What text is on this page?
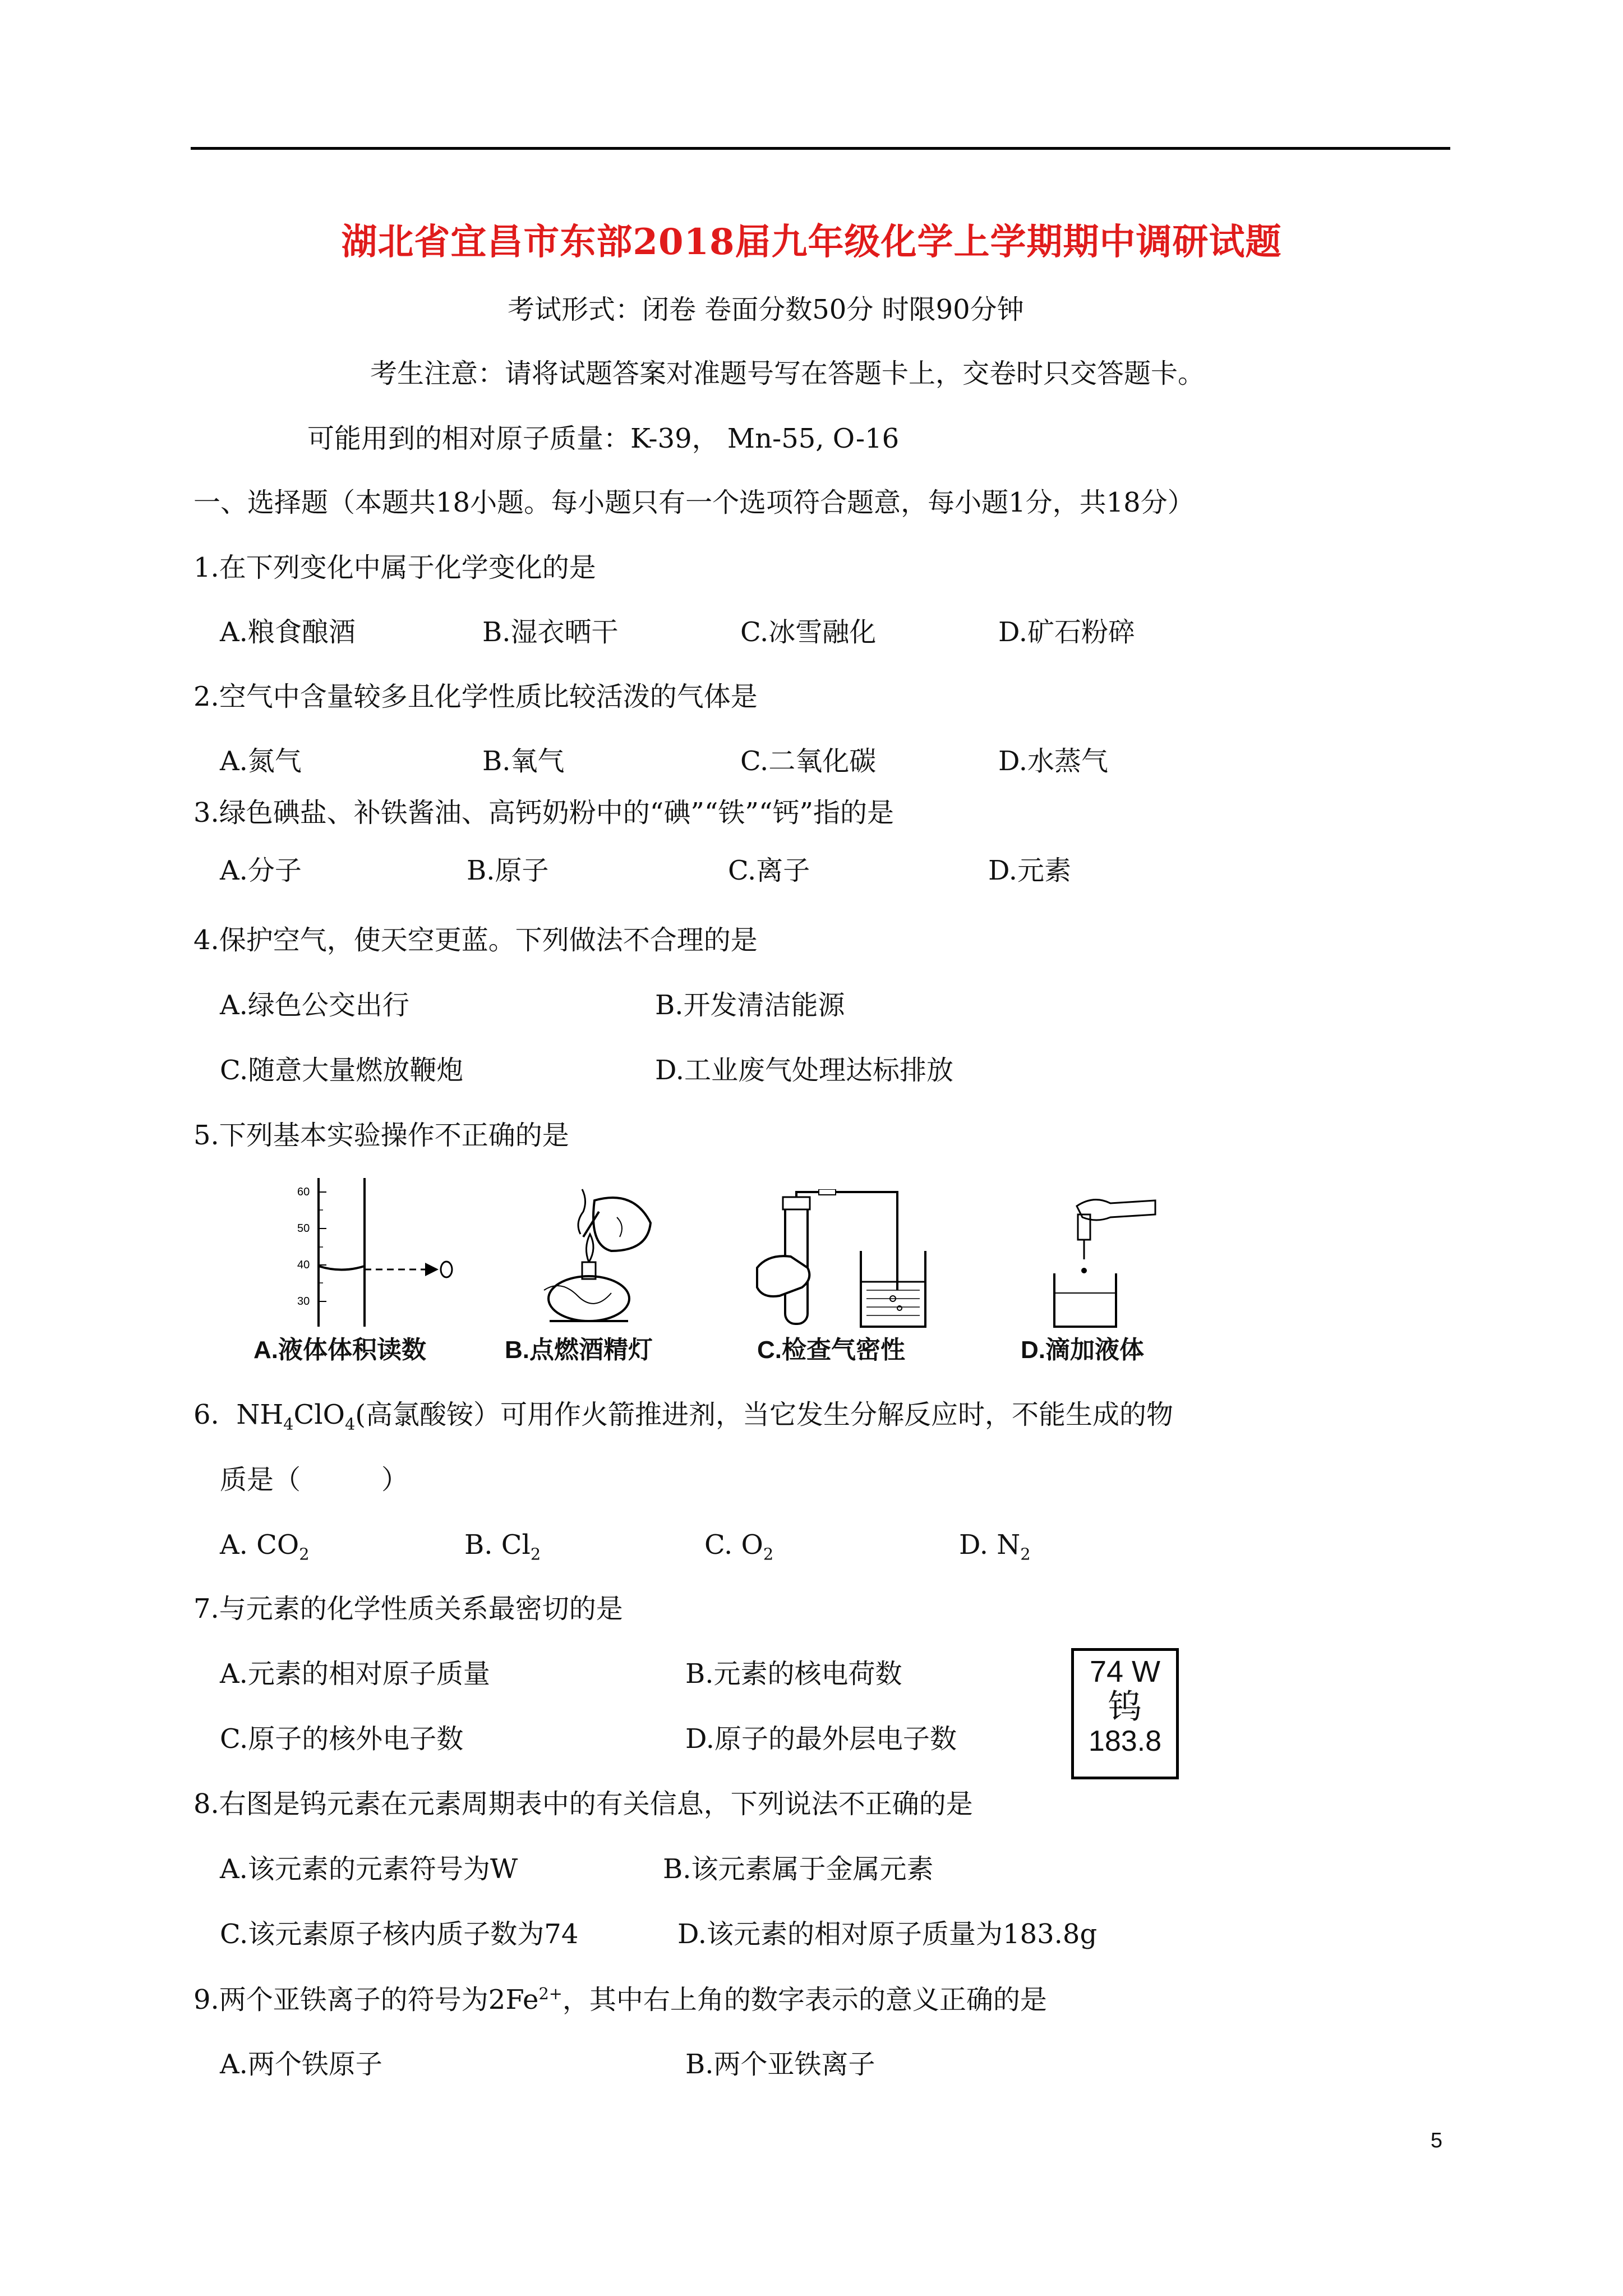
湖北省宜昌市东部2018届九年级化学上学期期中调研试题
考试形式：闭卷 卷面分数50分 时限90分钟
考生注意：请将试题答案对准题号写在答题卡上，交卷时只交答题卡。
可能用到的相对原子质量：K-39， Mn-55, O-16
一、选择题（本题共18小题。每小题只有一个选项符合题意，每小题1分，共18分）
1.在下列变化中属于化学变化的是
A.粮食酿酒	B.湿衣晒干	C.冰雪融化	D.矿石粉碎
2.空气中含量较多且化学性质比较活泼的气体是
A.氮气	B.氧气	C.二氧化碳	D.水蒸气
3.绿色碘盐、补铁酱油、高钙奶粉中的“碘”“铁”“钙”指的是
A.分子	B.原子	C.离子	D.元素
4.保护空气，使天空更蓝。下列做法不合理的是
A.绿色公交出行	B.开发清洁能源
C.随意大量燃放鞭炮	D.工业废气处理达标排放
5.下列基本实验操作不正确的是
60
50
40
30
A.液体体积读数	B.点燃酒精灯	C.检查气密性	D.滴加液体
6. $NH_4ClO_4$(高氯酸铵）可用作火箭推进剂，当它发生分解反应时，不能生成的物
质是（　　　）
A. $CO_2$	B. $Cl_2$	C. $O_2$	D. $N_2$
7.与元素的化学性质关系最密切的是
A.元素的相对原子质量	B.元素的核电荷数
C.原子的核外电子数	D.原子的最外层电子数
74 W
钨
183.8
8.右图是钨元素在元素周期表中的有关信息，下列说法不正确的是
A.该元素的元素符号为W	B.该元素属于金属元素
C.该元素原子核内质子数为74	D.该元素的相对原子质量为183.8g
9.两个亚铁离子的符号为$2Fe^{2+}$，其中右上角的数字表示的意义正确的是
A.两个铁原子	B.两个亚铁离子
5
